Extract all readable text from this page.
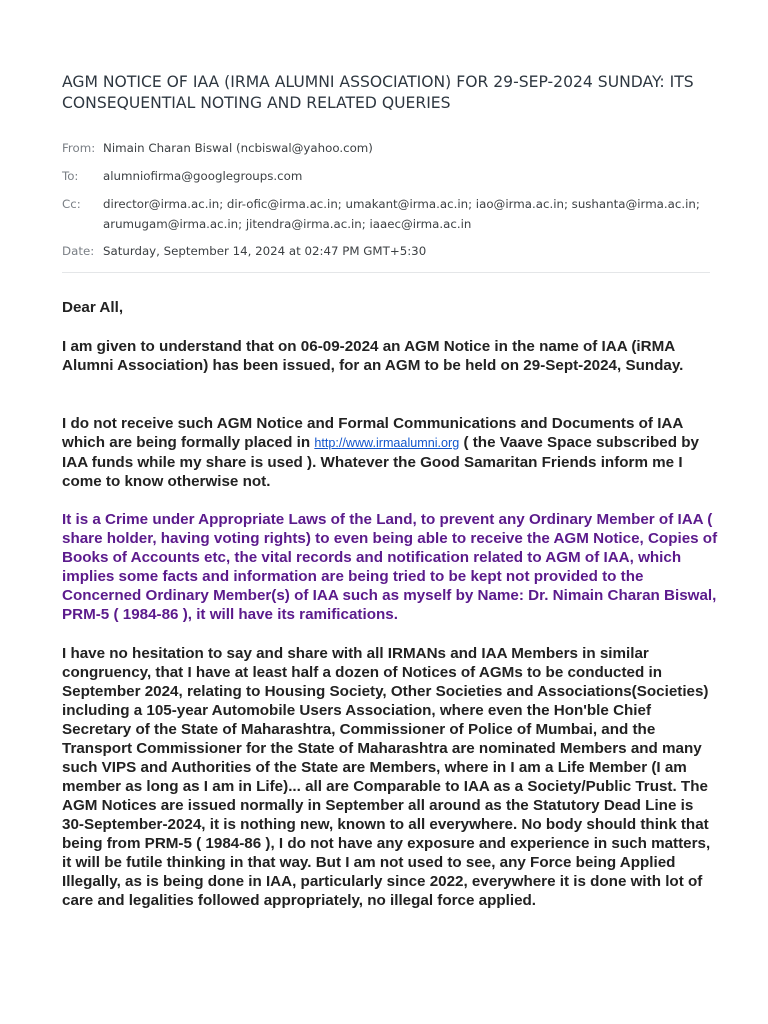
AGM NOTICE OF IAA (IRMA ALUMNI ASSOCIATION) FOR 29-SEP-2024 SUNDAY: ITS CONSEQUENTIAL NOTING AND RELATED QUERIES
From: Nimain Charan Biswal (ncbiswal@yahoo.com)
To: alumniofirma@googlegroups.com
Cc: director@irma.ac.in; dir-ofic@irma.ac.in; umakant@irma.ac.in; iao@irma.ac.in; sushanta@irma.ac.in; arumugam@irma.ac.in; jitendra@irma.ac.in; iaaec@irma.ac.in
Date: Saturday, September 14, 2024 at 02:47 PM GMT+5:30

Dear All,

I am given to understand that on 06-09-2024 an AGM Notice in the name of IAA (iRMA Alumni Association) has been issued, for an AGM to be held on 29-Sept-2024, Sunday.

I do not receive such AGM Notice and Formal Communications and Documents of IAA which are being formally placed in http://www.irmaalumni.org ( the Vaave Space subscribed by IAA funds while my share is used ). Whatever the Good Samaritan Friends inform me I come to know otherwise not.

It is a Crime under Appropriate Laws of the Land, to prevent any Ordinary Member of IAA ( share holder, having voting rights) to even being able to receive the AGM Notice, Copies of Books of Accounts etc, the vital records and notification related to AGM of IAA, which implies some facts and information are being tried to be kept not provided to the Concerned Ordinary Member(s) of IAA such as myself by Name: Dr. Nimain Charan Biswal, PRM-5 ( 1984-86 ), it will have its ramifications.

I have no hesitation to say and share with all IRMANs and IAA Members in similar congruency, that I have at least half a dozen of Notices of AGMs to be conducted in September 2024, relating to Housing Society, Other Societies and Associations(Societies) including a 105-year Automobile Users Association, where even the Hon'ble Chief Secretary of the State of Maharashtra, Commissioner of Police of Mumbai, and the Transport Commissioner for the State of Maharashtra are nominated Members and many such VIPS and Authorities of the State are Members, where in I am a Life Member (I am member as long as I am in Life)... all are Comparable to IAA as a Society/Public Trust. The AGM Notices are issued normally in September all around as the Statutory Dead Line is 30-September-2024, it is nothing new, known to all everywhere. No body should think that being from PRM-5 ( 1984-86 ), I do not have any exposure and experience in such matters, it will be futile thinking in that way. But I am not used to see, any Force being Applied Illegally, as is being done in IAA, particularly since 2022, everywhere it is done with lot of care and legalities followed appropriately, no illegal force applied.
